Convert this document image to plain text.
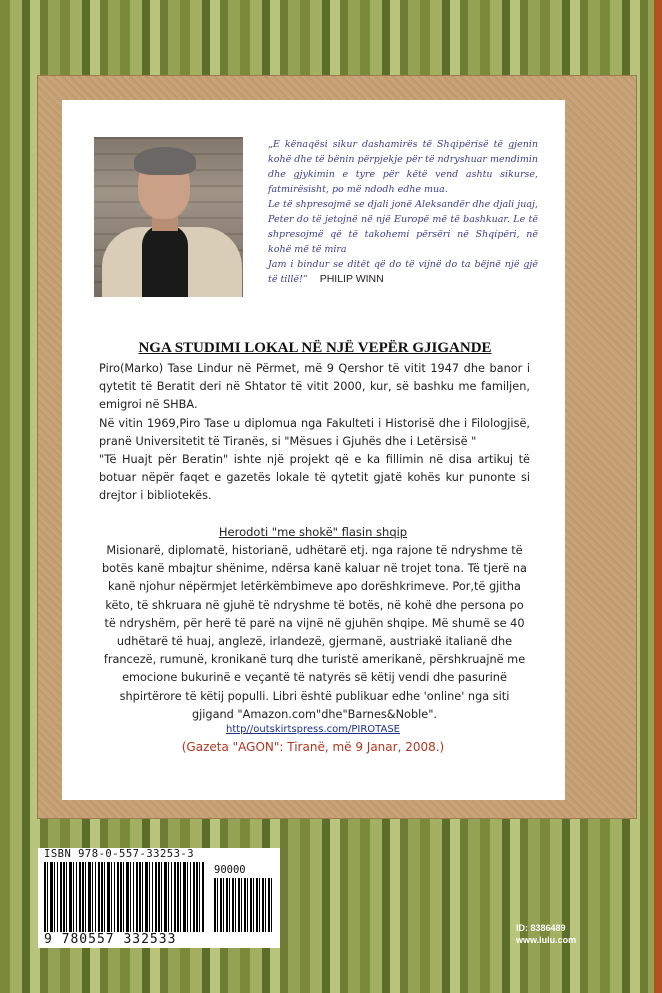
„E kënaqësi sikur dashamirës të Shqipërisë të gjenin kohë dhe të bënin përpjekje për të ndryshuar mendimin dhe gjykimin e tyre për këtë vend ashtu sikurse, fatmirësisht, po më ndodh edhe mua.

Le të shpresojmë se djali jonë Aleksandër dhe djali juaj, Peter do të jetojnë në një Europë më të bashkuar. Le të shpresojmë që të takohemi përsëri në Shqipëri, në kohë më të mira

Jam i bindur se ditët që do të vijnë do ta bëjnë një gjë të tillë!” PHILIP WINN

NGA STUDIMI LOKAL NË NJË VEPËR GJIGANDE

Piro(Marko) Tase Lindur në Përmet, më 9 Qershor të vitit 1947 dhe banor i qytetit të Beratit deri në Shtator të vitit 2000, kur, së bashku me familjen, emigroi në SHBA.

Në vitin 1969,Piro Tase u diplomua nga Fakulteti i Historisë dhe i Filologjisë, pranë Universitetit të Tiranës, si "Mësues i Gjuhës dhe i Letërsisë "

"Të Huajt për Beratin" ishte një projekt që e ka fillimin në disa artikuj të botuar nëpër faqet e gazetës lokale të qytetit gjatë kohës kur punonte si drejtor i bibliotekës.

Herodoti "me shokë" flasin shqip

Misionarë, diplomatë, historianë, udhëtarë etj. nga rajone të ndryshme të botës kanë mbajtur shënime, ndërsa kanë kaluar në trojet tona. Të tjerë na kanë njohur nëpërmjet letërkëmbimeve apo dorëshkrimeve. Por,të gjitha këto, të shkruara në gjuhë të ndryshme të botës, në kohë dhe persona po të ndryshëm, për herë të parë na vijnë në gjuhën shqipe. Më shumë se 40 udhëtarë të huaj, anglezë, irlandezë, gjermanë, austriakë italianë dhe francezë, rumunë, kronikanë turq dhe turistë amerikanë, përshkruajnë me emocione bukurinë e veçantë të natyrës së këtij vendi dhe pasurinë shpirtërore të këtij populli. Libri është publikuar edhe 'online' nga siti gjigand "Amazon.com"dhe"Barnes&Noble".

http//outskirtspress.com/PIROTASE
(Gazeta "AGON": Tiranë, më 9 Janar, 2008.)
ISBN 978-0-557-33253-3
90000
9 780557 332533
ID: 8386489
www.lulu.com
